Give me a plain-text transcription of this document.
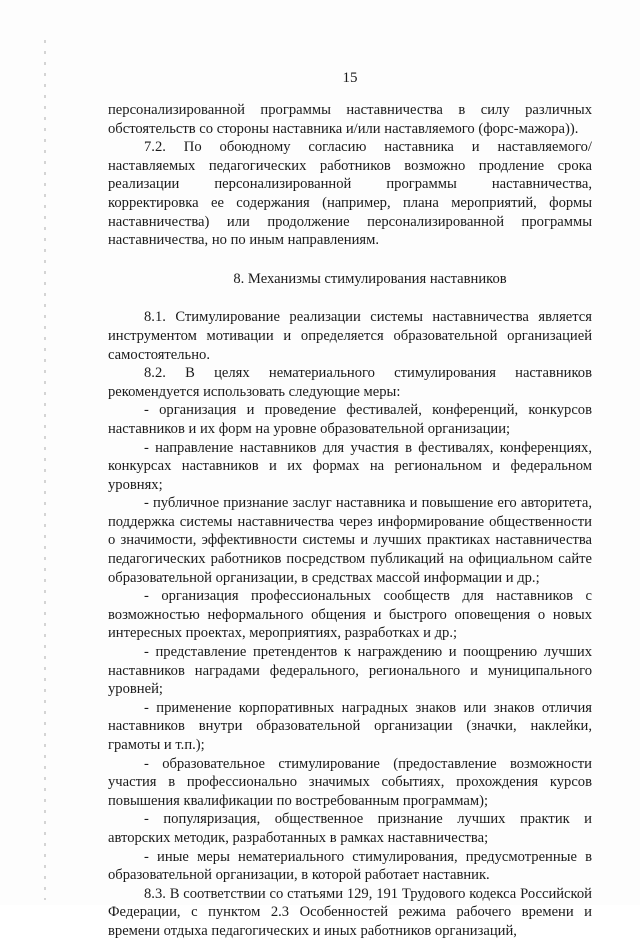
15

персонализированной программы наставничества в силу различных обстоятельств со стороны наставника и/или наставляемого (форс-мажора)).

7.2. По обоюдному согласию наставника и наставляемого/наставляемых педагогических работников возможно продление срока реализации персонализированной программы наставничества, корректировка ее содержания (например, плана мероприятий, формы наставничества) или продолжение персонализированной программы наставничества, но по иным направлениям.

8. Механизмы стимулирования наставников

8.1. Стимулирование реализации системы наставничества является инструментом мотивации и определяется образовательной организацией самостоятельно.

8.2. В целях нематериального стимулирования наставников рекомендуется использовать следующие меры:

- организация и проведение фестивалей, конференций, конкурсов наставников и их форм на уровне образовательной организации;

- направление наставников для участия в фестивалях, конференциях, конкурсах наставников и их формах на региональном и федеральном уровнях;

- публичное признание заслуг наставника и повышение его авторитета, поддержка системы наставничества через информирование общественности о значимости, эффективности системы и лучших практиках наставничества педагогических работников посредством публикаций на официальном сайте образовательной организации, в средствах массой информации и др.;

- организация профессиональных сообществ для наставников с возможностью неформального общения и быстрого оповещения о новых интересных проектах, мероприятиях, разработках и др.;

- представление претендентов к награждению и поощрению лучших наставников наградами федерального, регионального и муниципального уровней;

- применение корпоративных наградных знаков или знаков отличия наставников внутри образовательной организации (значки, наклейки, грамоты и т.п.);

- образовательное стимулирование (предоставление возможности участия в профессионально значимых событиях, прохождения курсов повышения квалификации по востребованным программам);

- популяризация, общественное признание лучших практик и авторских методик, разработанных в рамках наставничества;

- иные меры нематериального стимулирования, предусмотренные в образовательной организации, в которой работает наставник.

8.3. В соответствии со статьями 129, 191 Трудового кодекса Российской Федерации, с пунктом 2.3 Особенностей режима рабочего времени и времени отдыха педагогических и иных работников организаций,
